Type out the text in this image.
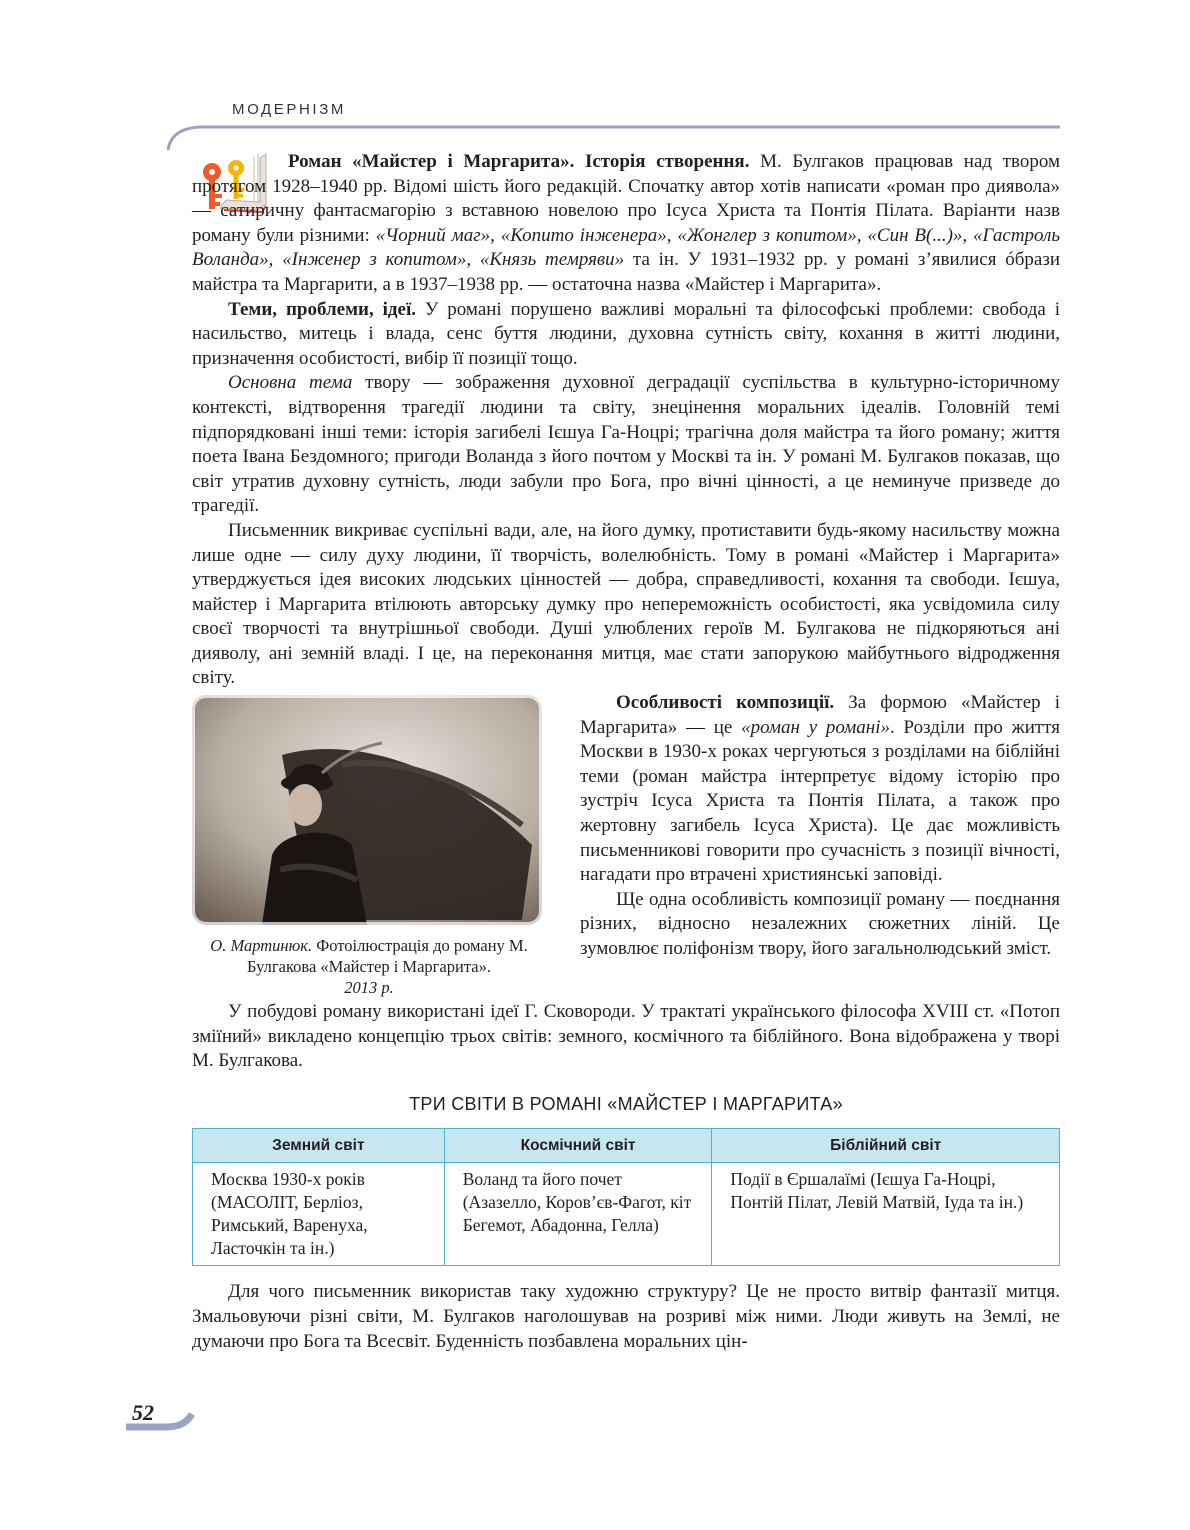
МОДЕРНІЗМ

Роман «Майстер і Маргарита». Історія створення. М. Булгаков працював над твором протягом 1928–1940 рр. Відомі шість його редакцій. Спочатку автор хотів написати «роман про диявола» — сатиричну фантасмагорію з вставною новелою про Ісуса Христа та Понтія Пілата. Варіанти назв роману були різними: «Чорний маг», «Копито інженера», «Жонглер з копитом», «Син В(...)», «Гастроль Воланда», «Інженер з копитом», «Князь темряви» та ін. У 1931–1932 рр. у романі з’явилися óбрази майстра та Маргарити, а в 1937–1938 рр. — остаточна назва «Майстер і Маргарита».

Теми, проблеми, ідеї. У романі порушено важливі моральні та філософські проблеми: свобода і насильство, митець і влада, сенс буття людини, духовна сутність світу, кохання в житті людини, призначення особистості, вибір її позиції тощо.

Основна тема твору — зображення духовної деградації суспільства в культурно-історичному контексті, відтворення трагедії людини та світу, знецінення моральних ідеалів. Головній темі підпорядковані інші теми: історія загибелі Ієшуа Га-Ноцрі; трагічна доля майстра та його роману; життя поета Івана Бездомного; пригоди Воланда з його почтом у Москві та ін. У романі М. Булгаков показав, що світ утратив духовну сутність, люди забули про Бога, про вічні цінності, а це неминуче призведе до трагедії.

Письменник викриває суспільні вади, але, на його думку, протиставити будь-якому насильству можна лише одне — силу духу людини, її творчість, волелюбність. Тому в романі «Майстер і Маргарита» утверджується ідея високих людських цінностей — добра, справедливості, кохання та свободи. Ієшуа, майстер і Маргарита втілюють авторську думку про непереможність особистості, яка усвідомила силу своєї творчості та внутрішньої свободи. Душі улюблених героїв М. Булгакова не підкоряються ані дияволу, ані земній владі. І це, на переконання митця, має стати запорукою майбутнього відродження світу.

О. Мартинюк. Фотоілюстрація до роману М. Булгакова «Майстер і Маргарита».
2013 р.

Особливості композиції. За формою «Майстер і Маргарита» — це «роман у романі». Розділи про життя Москви в 1930-х роках чергуються з розділами на біблійні теми (роман майстра інтерпретує відому історію про зустріч Ісуса Христа та Понтія Пілата, а також про жертовну загибель Ісуса Христа). Це дає можливість письменникові говорити про сучасність з позиції вічності, нагадати про втрачені християнські заповіді.

Ще одна особливість композиції роману — поєднання різних, відносно незалежних сюжетних ліній. Це зумовлює поліфонізм твору, його загальнолюдський зміст.

У побудові роману використані ідеї Г. Сковороди. У трактаті українського філософа XVIII ст. «Потоп зміїний» викладено концепцію трьох світів: земного, космічного та біблійного. Вона відображена у творі М. Булгакова.

ТРИ СВІТИ В РОМАНІ «МАЙСТЕР І МАРГАРИТА»
Земний світ	Космічний світ	Біблійний світ
Москва 1930-х років (МАСОЛІТ, Берліоз, Римський, Варенуха, Ласточкін та ін.)	Воланд та його почет (Азазелло, Коров’єв-Фагот, кіт Бегемот, Абадонна, Гелла)	Події в Єршалаїмі (Ієшуа Га-Ноцрі, Понтій Пілат, Левій Матвій, Іуда та ін.)

Для чого письменник використав таку художню структуру? Це не просто витвір фантазії митця. Змальовуючи різні світи, М. Булгаков наголошував на розриві між ними. Люди живуть на Землі, не думаючи про Бога та Всесвіт. Буденність позбавлена моральних цін-

52
